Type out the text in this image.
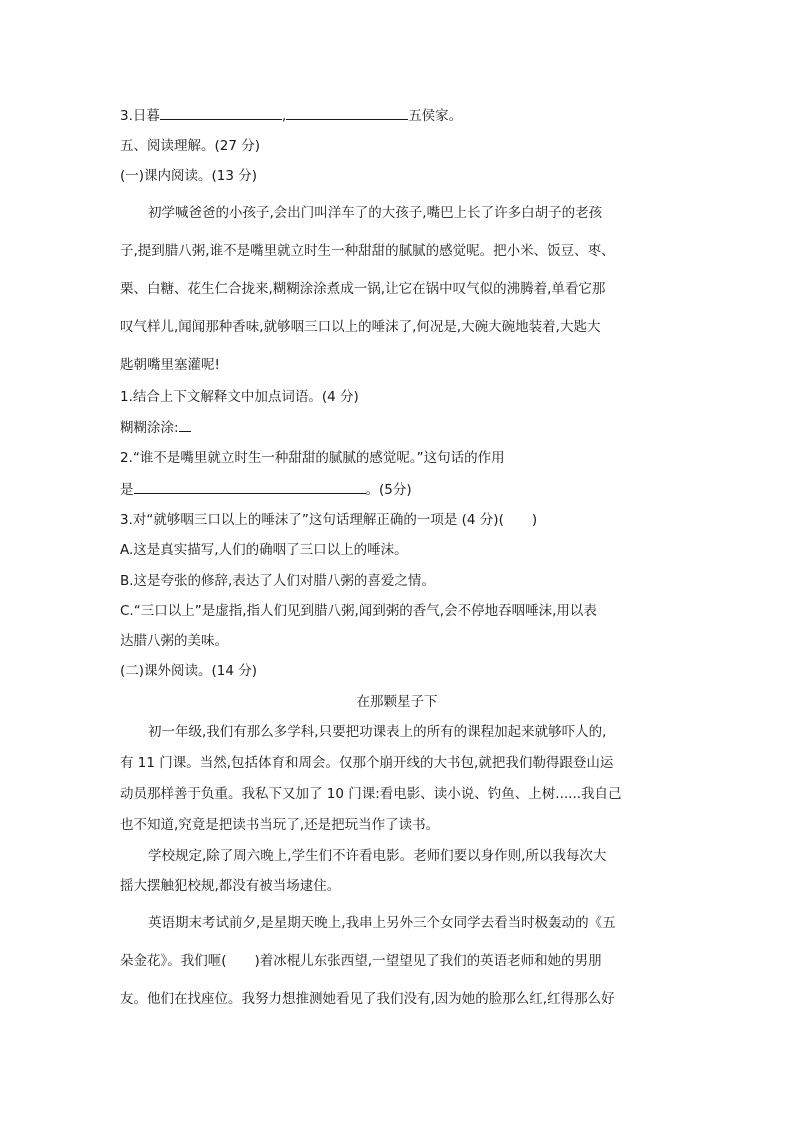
3.日暮	,	五侯家。
五、阅读理解。(27 分)
(一)课内阅读。(13 分)
初学喊爸爸的小孩子,会出门叫洋车了的大孩子,嘴巴上长了许多白胡子的老孩
子,提到腊八粥,谁不是嘴里就立时生一种甜甜的腻腻的感觉呢。把小米、饭豆、枣、
栗、白糖、花生仁合拢来,糊糊涂涂煮成一锅,让它在锅中叹气似的沸腾着,单看它那
叹气样儿,闻闻那种香味,就够咽三口以上的唾沫了,何况是,大碗大碗地装着,大匙大
匙朝嘴里塞灌呢!
1.结合上下文解释文中加点词语。(4 分)
糊糊涂涂:
2.“谁不是嘴里就立时生一种甜甜的腻腻的感觉呢。”这句话的作用
是	。(5分)
3.对“就够咽三口以上的唾沫了”这句话理解正确的一项是 (4 分)( )
A.这是真实描写,人们的确咽了三口以上的唾沫。
B.这是夸张的修辞,表达了人们对腊八粥的喜爱之情。
C.“三口以上”是虚指,指人们见到腊八粥,闻到粥的香气,会不停地吞咽唾沫,用以表
达腊八粥的美味。
(二)课外阅读。(14 分)
在那颗星子下
初一年级,我们有那么多学科,只要把功课表上的所有的课程加起来就够吓人的,
有 11 门课。当然,包括体育和周会。仅那个崩开线的大书包,就把我们勒得跟登山运
动员那样善于负重。我私下又加了 10 门课:看电影、读小说、钓鱼、上树......我自己
也不知道,究竟是把读书当玩了,还是把玩当作了读书。
学校规定,除了周六晚上,学生们不许看电影。老师们要以身作则,所以我每次大
摇大摆触犯校规,都没有被当场逮住。
英语期末考试前夕,是星期天晚上,我串上另外三个女同学去看当时极轰动的《五
朵金花》。我们咂( )着冰棍儿东张西望,一望望见了我们的英语老师和她的男朋
友。他们在找座位。我努力想推测她看见了我们没有,因为她的脸那么红,红得那么好
